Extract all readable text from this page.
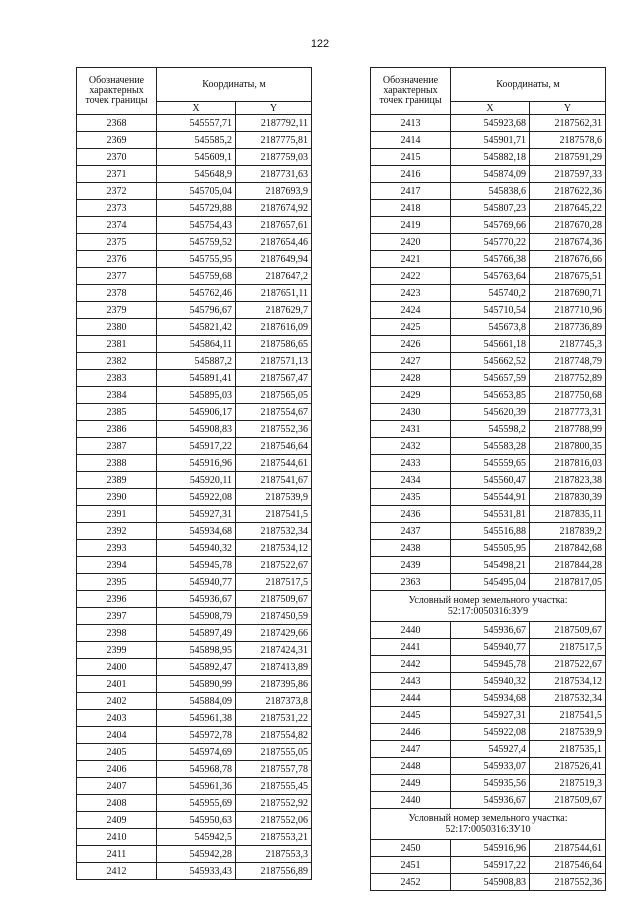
122
Обозначение характерных точек границы	Координаты, м	
	X	Y
2368	545557,71	2187792,11
2369	545585,2	2187775,81
2370	545609,1	2187759,03
2371	545648,9	2187731,63
2372	545705,04	2187693,9
2373	545729,88	2187674,92
2374	545754,43	2187657,61
2375	545759,52	2187654,46
2376	545755,95	2187649,94
2377	545759,68	2187647,2
2378	545762,46	2187651,11
2379	545796,67	2187629,7
2380	545821,42	2187616,09
2381	545864,11	2187586,65
2382	545887,2	2187571,13
2383	545891,41	2187567,47
2384	545895,03	2187565,05
2385	545906,17	2187554,67
2386	545908,83	2187552,36
2387	545917,22	2187546,64
2388	545916,96	2187544,61
2389	545920,11	2187541,67
2390	545922,08	2187539,9
2391	545927,31	2187541,5
2392	545934,68	2187532,34
2393	545940,32	2187534,12
2394	545945,78	2187522,67
2395	545940,77	2187517,5
2396	545936,67	2187509,67
2397	545908,79	2187450,59
2398	545897,49	2187429,66
2399	545898,95	2187424,31
2400	545892,47	2187413,89
2401	545890,99	2187395,86
2402	545884,09	2187373,8
2403	545961,38	2187531,22
2404	545972,78	2187554,82
2405	545974,69	2187555,05
2406	545968,78	2187557,78
2407	545961,36	2187555,45
2408	545955,69	2187552,92
2409	545950,63	2187552,06
2410	545942,5	2187553,21
2411	545942,28	2187553,3
2412	545933,43	2187556,89
Обозначение характерных точек границы	Координаты, м	
	X	Y
2413	545923,68	2187562,31
2414	545901,71	2187578,6
2415	545882,18	2187591,29
2416	545874,09	2187597,33
2417	545838,6	2187622,36
2418	545807,23	2187645,22
2419	545769,66	2187670,28
2420	545770,22	2187674,36
2421	545766,38	2187676,66
2422	545763,64	2187675,51
2423	545740,2	2187690,71
2424	545710,54	2187710,96
2425	545673,8	2187736,89
2426	545661,18	2187745,3
2427	545662,52	2187748,79
2428	545657,59	2187752,89
2429	545653,85	2187750,68
2430	545620,39	2187773,31
2431	545598,2	2187788,99
2432	545583,28	2187800,35
2433	545559,65	2187816,03
2434	545560,47	2187823,38
2435	545544,91	2187830,39
2436	545531,81	2187835,11
2437	545516,88	2187839,2
2438	545505,95	2187842,68
2439	545498,21	2187844,28
2363	545495,04	2187817,05
Условный номер земельного участка: 52:17:0050316:ЗУ9		
2440	545936,67	2187509,67
2441	545940,77	2187517,5
2442	545945,78	2187522,67
2443	545940,32	2187534,12
2444	545934,68	2187532,34
2445	545927,31	2187541,5
2446	545922,08	2187539,9
2447	545927,4	2187535,1
2448	545933,07	2187526,41
2449	545935,56	2187519,3
2440	545936,67	2187509,67
Условный номер земельного участка: 52:17:0050316:ЗУ10		
2450	545916,96	2187544,61
2451	545917,22	2187546,64
2452	545908,83	2187552,36
